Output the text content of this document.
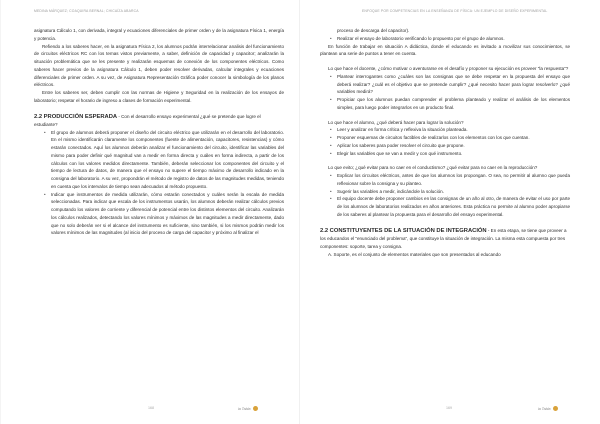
MEDINA MÁRQUEZ; COAQUIRA BERNAL; CHICAÍZA ABARCA

asignatura Cálculo 1, con derivada, integral y ecuaciones diferenciales de primer orden y de la asignatura Física 1, energía y potencia.

Refiendo a los saberes hacer, en la asignatura Física 2, los alumnos podrán interrelacionar analisis del funcionamiento de circuitos eléctricos RC con los temas vistos previamente, a saber, definición de capacidad y capacitor; analizarán la situación problemática que se les presente y realizarán esquemas de conexión de los componentes eléctricos. Como saberes hacer previos de la asignatura Cálculo 1, deben poder resolver derivadas, calcular integrales y ecuaciones diferenciales de primer orden. A su vez, de Asignatura Representación Gráfica poder conocer la simbología de los planos eléctricos.

Entre los saberes ser, deben cumplir con las normas de Higiene y Seguridad en la realización de los ensayos de laboratorio; respetar el horario de ingreso a clases de formación experimental.

2.2 PRODUCCIÓN ESPERADA - Con el desarrollo ensayo experimental ¿qué se pretende que logre el estudiante?
• El grupo de alumnos deberá proponer el diseño del circuito eléctrico que utilizarán en el desarrollo del laboratorio. En el mismo identificarán claramente los componentes (fuente de alimentación, capacitores, resistencias) y cómo estarán conectados. Aquí los alumnos deberán analizar el funcionamiento del circuito, identificar las variables del mismo para poder definir qué magnitud van a medir en forma directa y cuáles en forma indirecta, a partir de los cálculos con los valores medidos directamente. También, deberán seleccionar los componentes del circuito y el tiempo de lectura de datos, de manera que el ensayo no supere el tiempo máximo de desarrollo indicado en la consigna del laboratorio. A su vez, propondrán el método de registro de datos de las magnitudes medidas, teniendo en cuenta que los intervalos de tiempo sean adecuados al método propuesto.
• Indicar que instrumentos de medida utilizarán, cómo estarán conectados y cuáles serán la escala de medida seleccionadas. Para indicar que escala de los instrumentos usarán, los alumnos deberán realizar cálculos previos computando los valores de corriente y diferencial de potencial entre los distintos elementos del circuito. Analizarán los cálculos realizados, detectando los valores mínimos y máximos de las magnitudes a medir directamente, dado que no solo deberán ver si el alcance del instrumento es suficiente, sino también, si los mismos podrán medir los valores mínimos de las magnitudes (al inicio del proceso de carga del capacitor y próximo al finalizar el
168	ia Tabla
ENFOQUE POR COMPETENCIAS EN LA ENSEÑANZA DE FÍSICA: UN EJEMPLO DE DISEÑO EXPERIMENTAL

proceso de descarga del capacitor).

• Realizar el ensayo de laboratorio verificando lo propuesto por el grupo de alumnos.

En función de trabajar en situación A didáctica, donde el educando es invitado a movilizar sus conocimientos, se plantean una serie de puntos a tener en cuenta.

Lo que hace el docente, ¿cómo motivar o aventurarse en el desafío y proponer su ejecución es proveer "la respuesta"?

• Plantear interrogantes como ¿cuáles son las consignas que se debe respetar en la propuesta del ensayo que deberá realizar? ¿cuál es el objetivo que se pretende cumplir? ¿qué necesito hacer para lograr resolverlo? ¿qué variables medirá?
• Propiciar que los alumnos puedan comprender el problema planteado y realizar el análisis de los elementos simples, para luego poder integrarlos en un producto final.

Lo que hace el alumno, ¿qué deberá hacer para lograr la solución?

• Leer y analizar en forma crítica y reflexiva la situación planteada.
• Proponer esquemas de circuitos factibles de realizarlos con los elementos con los que cuentan.
• Aplicar los saberes para poder resolver el circuito que propone.
• Elegir las variables que se van a medir y con qué instrumento.

Lo que evito; ¿qué evitar para no caer en el conductismo? ¿qué evitar para no caer en la reproducción?

• Explicar los circuitos eléctricos, antes de que los alumnos los propongan. O sea, no permitir al alumno que pueda reflexionar sobre la consigna y su planteo.
• Sugerir las variables a medir, indicándole la solución.
• El equipo docente debe proponer cambios en las consignas de un año al otro, de manera de evitar el uso por parte de los alumnos de laboratorios realizados en años anteriores. Esta práctica no permite al alumno poder apropiarse de los saberes al plantear la propuesta para el desarrollo del ensayo experimental.
2.2 CONSTITUYENTES DE LA SITUACIÓN DE INTEGRACIÓN - En esta etapa, se tiene que proveer a los educandos el "enunciado del problema", que constituye la situación de integración. La misma esta compuesta por tres componentes: soporte, tarea y consigna.

A. Soporte, es el conjunto de elementos materiales que son presentados al educando

169	ia Tabla
